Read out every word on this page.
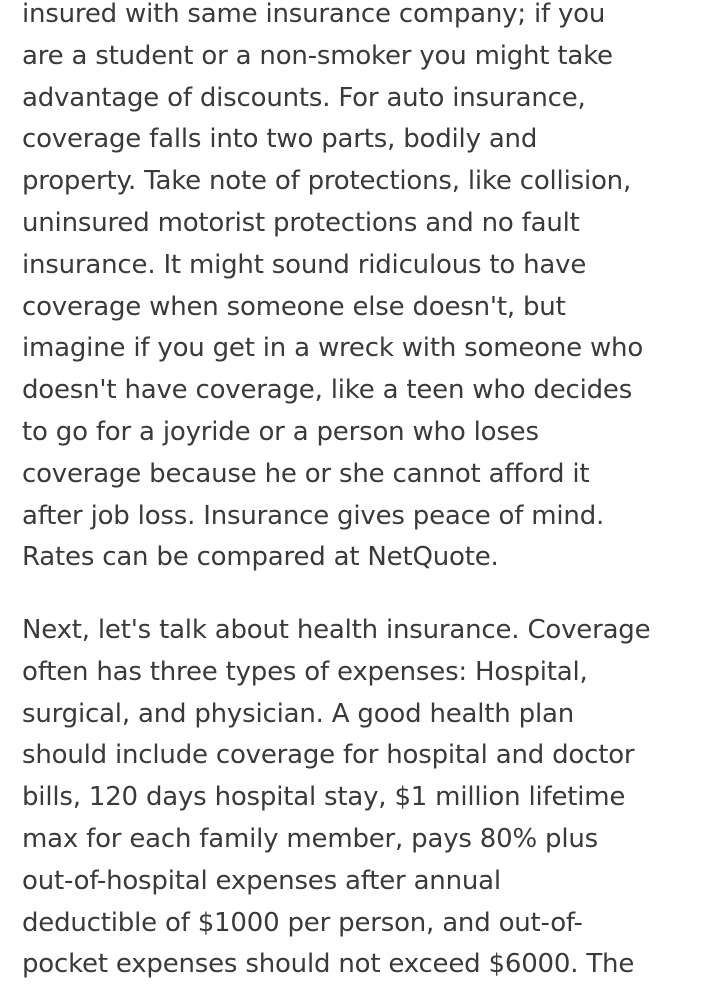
insured with same insurance company; if you
are a student or a non-smoker you might take
advantage of discounts. For auto insurance,
coverage falls into two parts, bodily and
property. Take note of protections, like collision,
uninsured motorist protections and no fault
insurance. It might sound ridiculous to have
coverage when someone else doesn't, but
imagine if you get in a wreck with someone who
doesn't have coverage, like a teen who decides
to go for a joyride or a person who loses
coverage because he or she cannot afford it
after job loss. Insurance gives peace of mind.
Rates can be compared at NetQuote.

Next, let's talk about health insurance. Coverage
often has three types of expenses: Hospital,
surgical, and physician. A good health plan
should include coverage for hospital and doctor
bills, 120 days hospital stay, $1 million lifetime
max for each family member, pays 80% plus
out-of-hospital expenses after annual
deductible of $1000 per person, and out-of-
pocket expenses should not exceed $6000. The
